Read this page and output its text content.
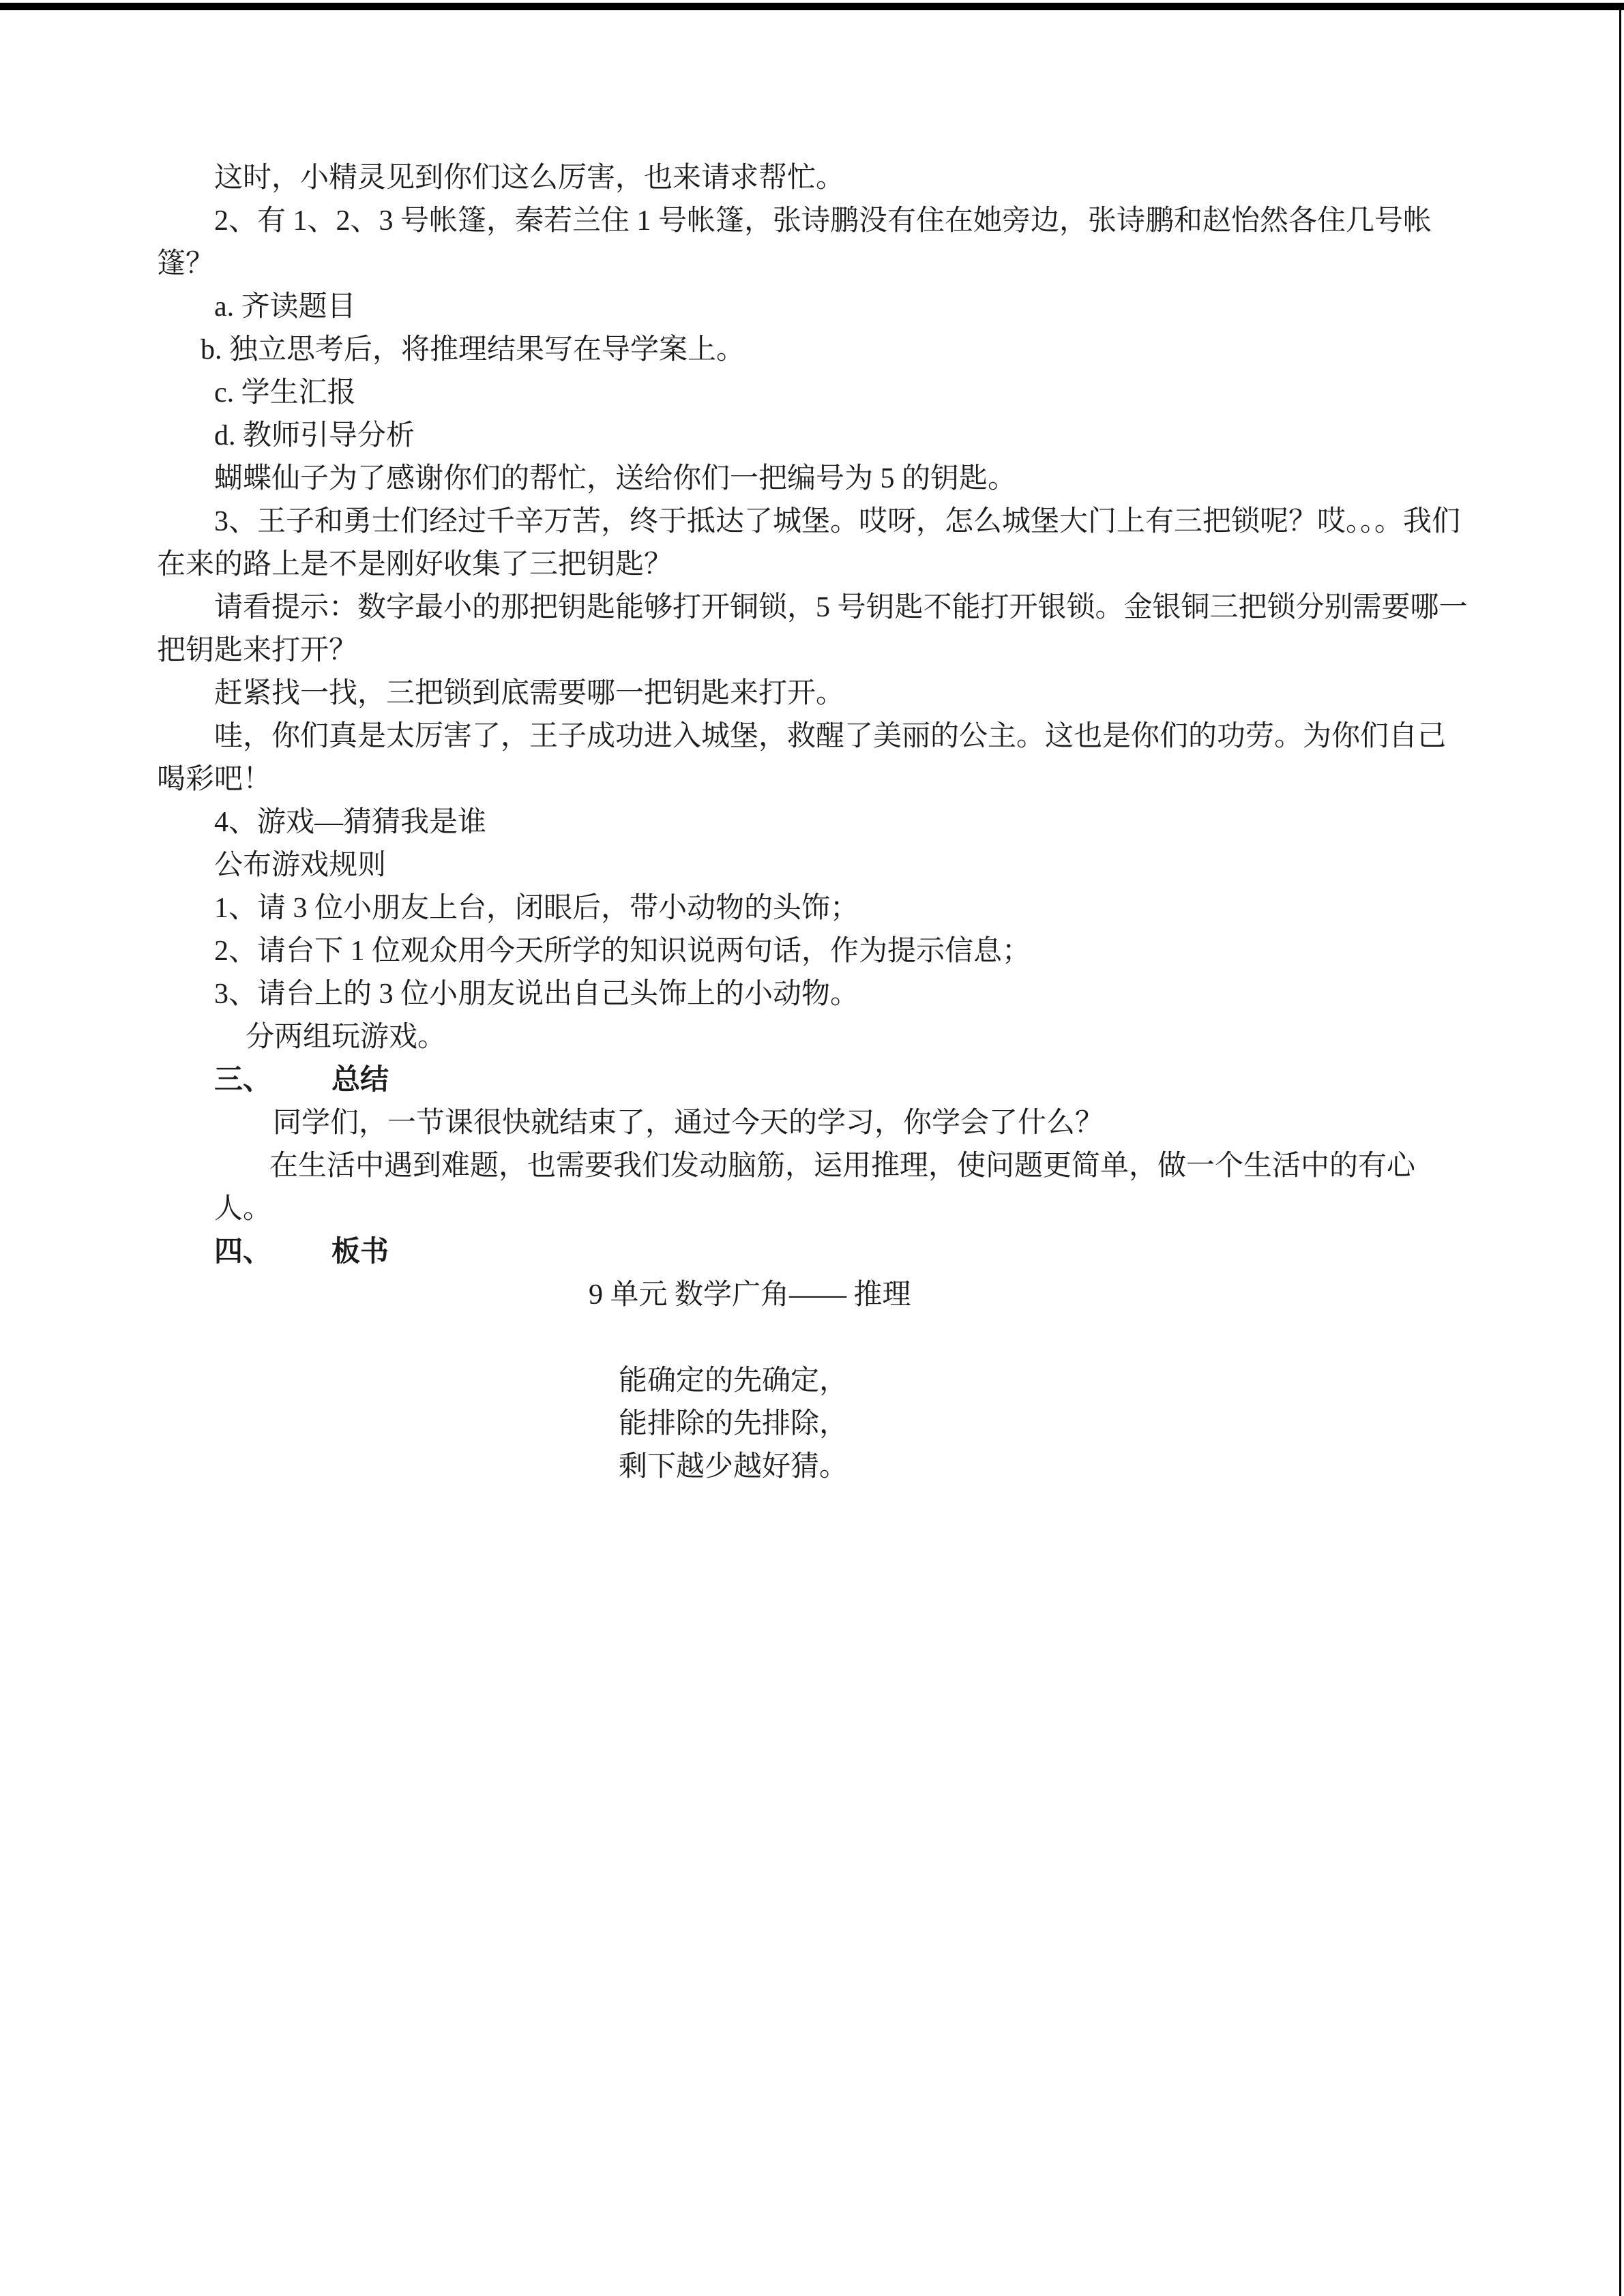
这时，小精灵见到你们这么厉害，也来请求帮忙。
2、有 1、2、3 号帐篷，秦若兰住 1 号帐篷，张诗鹏没有住在她旁边，张诗鹏和赵怡然各住几号帐
篷？
a. 齐读题目
b. 独立思考后，将推理结果写在导学案上。
c. 学生汇报
d. 教师引导分析
蝴蝶仙子为了感谢你们的帮忙，送给你们一把编号为 5 的钥匙。
3、王子和勇士们经过千辛万苦，终于抵达了城堡。哎呀，怎么城堡大门上有三把锁呢？哎。。。我们
在来的路上是不是刚好收集了三把钥匙？
请看提示：数字最小的那把钥匙能够打开铜锁，5 号钥匙不能打开银锁。金银铜三把锁分别需要哪一
把钥匙来打开？
赶紧找一找，三把锁到底需要哪一把钥匙来打开。
哇，你们真是太厉害了，王子成功进入城堡，救醒了美丽的公主。这也是你们的功劳。为你们自己
喝彩吧！
4、游戏—猜猜我是谁
公布游戏规则
1、请 3 位小朋友上台，闭眼后，带小动物的头饰；
2、请台下 1 位观众用今天所学的知识说两句话，作为提示信息；
3、请台上的 3 位小朋友说出自己头饰上的小动物。
分两组玩游戏。
三、 总结
同学们，一节课很快就结束了，通过今天的学习，你学会了什么？
在生活中遇到难题，也需要我们发动脑筋，运用推理，使问题更简单，做一个生活中的有心
人。
四、 板书
9 单元 数学广角—— 推理
能确定的先确定，
能排除的先排除，
剩下越少越好猜。
